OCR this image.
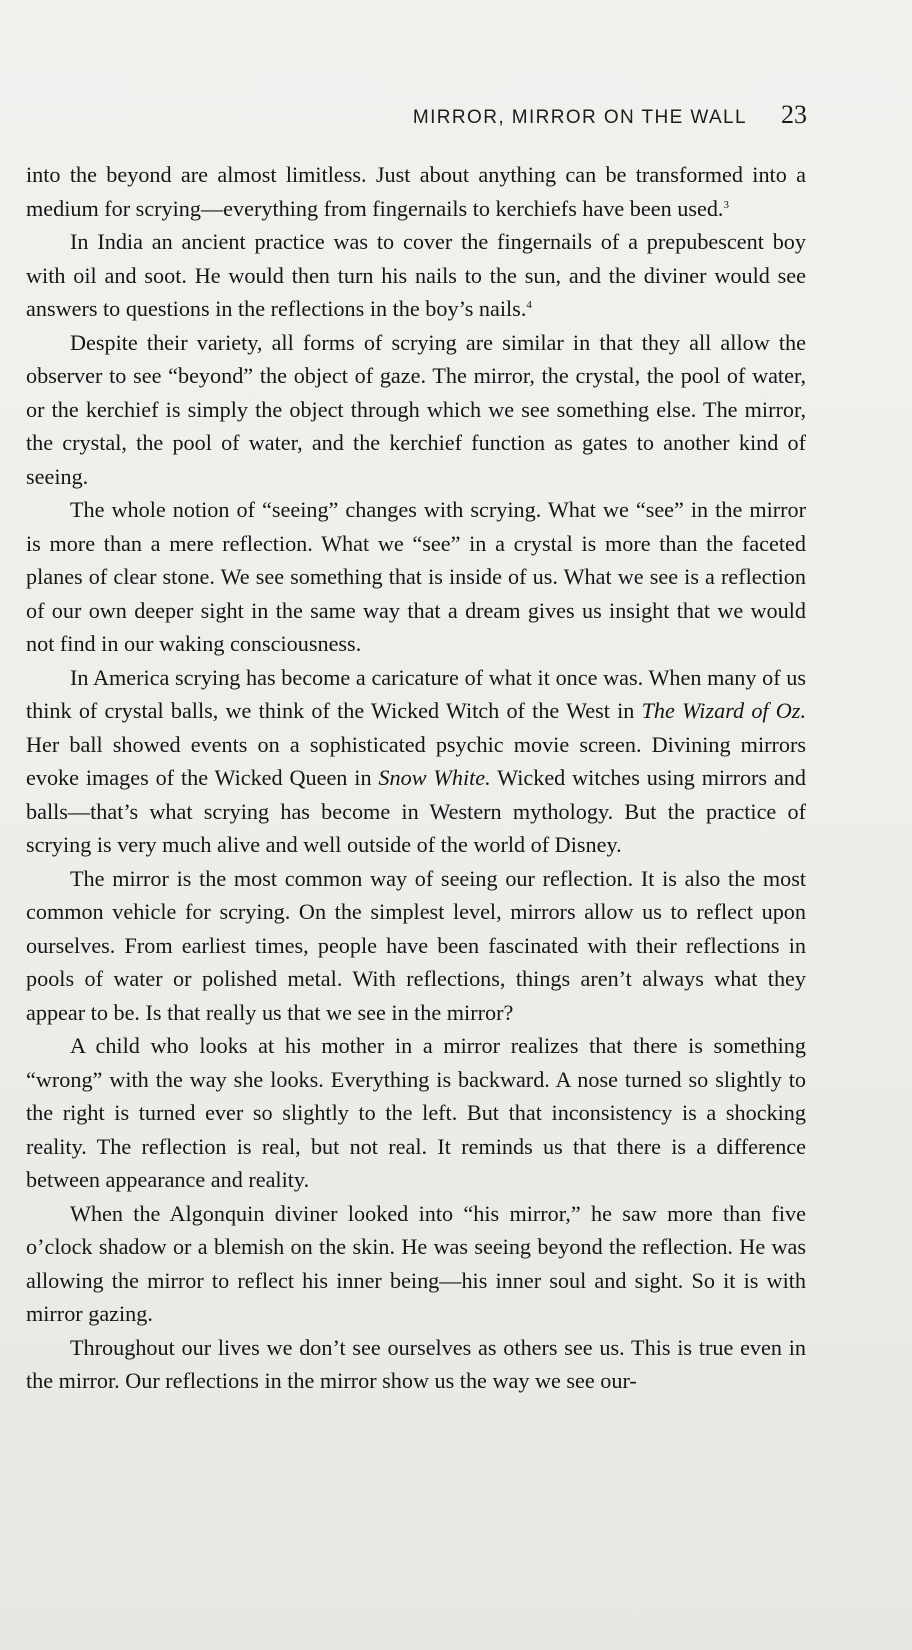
MIRROR, MIRROR ON THE WALL 23

into the beyond are almost limitless. Just about anything can be transformed into a medium for scrying—everything from fingernails to kerchiefs have been used.$^3$

In India an ancient practice was to cover the fingernails of a prepubescent boy with oil and soot. He would then turn his nails to the sun, and the diviner would see answers to questions in the reflections in the boy’s nails.$^4$

Despite their variety, all forms of scrying are similar in that they all allow the observer to see “beyond” the object of gaze. The mirror, the crystal, the pool of water, or the kerchief is simply the object through which we see something else. The mirror, the crystal, the pool of water, and the kerchief function as gates to another kind of seeing.

The whole notion of “seeing” changes with scrying. What we “see” in the mirror is more than a mere reflection. What we “see” in a crystal is more than the faceted planes of clear stone. We see something that is inside of us. What we see is a reflection of our own deeper sight in the same way that a dream gives us insight that we would not find in our waking consciousness.

In America scrying has become a caricature of what it once was. When many of us think of crystal balls, we think of the Wicked Witch of the West in The Wizard of Oz. Her ball showed events on a sophisticated psychic movie screen. Divining mirrors evoke images of the Wicked Queen in Snow White. Wicked witches using mirrors and balls—that’s what scrying has become in Western mythology. But the practice of scrying is very much alive and well outside of the world of Disney.

The mirror is the most common way of seeing our reflection. It is also the most common vehicle for scrying. On the simplest level, mirrors allow us to reflect upon ourselves. From earliest times, people have been fascinated with their reflections in pools of water or polished metal. With reflections, things aren’t always what they appear to be. Is that really us that we see in the mirror?

A child who looks at his mother in a mirror realizes that there is something “wrong” with the way she looks. Everything is backward. A nose turned so slightly to the right is turned ever so slightly to the left. But that inconsistency is a shocking reality. The reflection is real, but not real. It reminds us that there is a difference between appearance and reality.

When the Algonquin diviner looked into “his mirror,” he saw more than five o’clock shadow or a blemish on the skin. He was seeing beyond the reflection. He was allowing the mirror to reflect his inner being—his inner soul and sight. So it is with mirror gazing.

Throughout our lives we don’t see ourselves as others see us. This is true even in the mirror. Our reflections in the mirror show us the way we see our-
